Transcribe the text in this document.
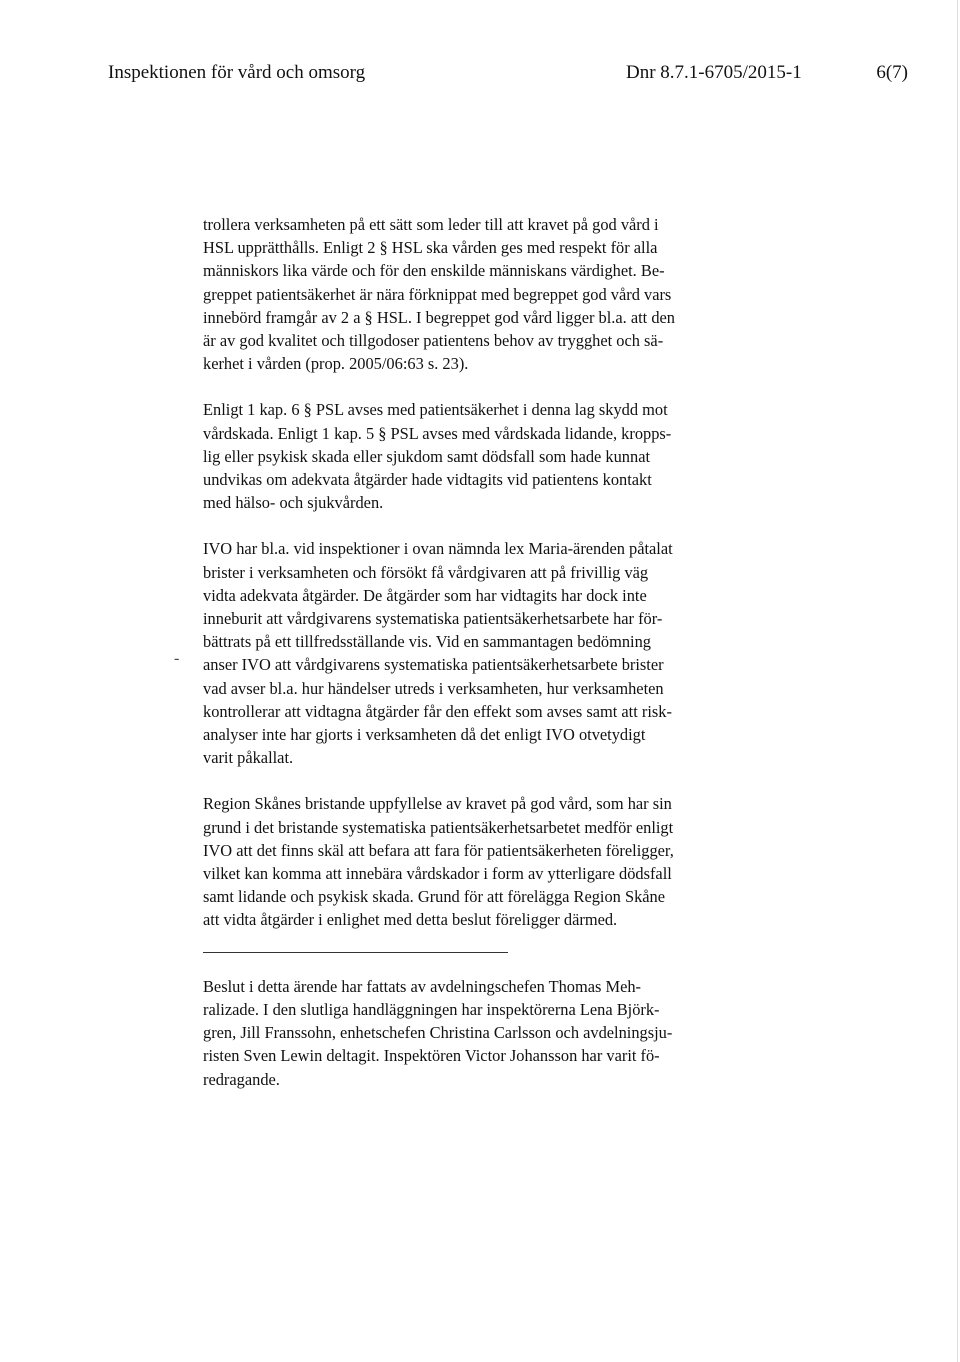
Inspektionen för vård och omsorg	Dnr 8.7.1-6705/2015-1	6(7)
-

trollera verksamheten på ett sätt som leder till att kravet på god vård i

HSL upprätthålls. Enligt 2 § HSL ska vården ges med respekt för alla

människors lika värde och för den enskilde människans värdighet. Be-

greppet patientsäkerhet är nära förknippat med begreppet god vård vars

innebörd framgår av 2 a § HSL. I begreppet god vård ligger bl.a. att den

är av god kvalitet och tillgodoser patientens behov av trygghet och sä-

kerhet i vården (prop. 2005/06:63 s. 23).

Enligt 1 kap. 6 § PSL avses med patientsäkerhet i denna lag skydd mot

vårdskada. Enligt 1 kap. 5 § PSL avses med vårdskada lidande, kropps-

lig eller psykisk skada eller sjukdom samt dödsfall som hade kunnat

undvikas om adekvata åtgärder hade vidtagits vid patientens kontakt

med hälso- och sjukvården.

IVO har bl.a. vid inspektioner i ovan nämnda lex Maria-ärenden påtalat

brister i verksamheten och försökt få vårdgivaren att på frivillig väg

vidta adekvata åtgärder. De åtgärder som har vidtagits har dock inte

inneburit att vårdgivarens systematiska patientsäkerhetsarbete har för-

bättrats på ett tillfredsställande vis. Vid en sammantagen bedömning

anser IVO att vårdgivarens systematiska patientsäkerhetsarbete brister

vad avser bl.a. hur händelser utreds i verksamheten, hur verksamheten

kontrollerar att vidtagna åtgärder får den effekt som avses samt att risk-

analyser inte har gjorts i verksamheten då det enligt IVO otvetydigt

varit påkallat.

Region Skånes bristande uppfyllelse av kravet på god vård, som har sin

grund i det bristande systematiska patientsäkerhetsarbetet medför enligt

IVO att det finns skäl att befara att fara för patientsäkerheten föreligger,

vilket kan komma att innebära vårdskador i form av ytterligare dödsfall

samt lidande och psykisk skada. Grund för att förelägga Region Skåne

att vidta åtgärder i enlighet med detta beslut föreligger därmed.

Beslut i detta ärende har fattats av avdelningschefen Thomas Meh-

ralizade. I den slutliga handläggningen har inspektörerna Lena Björk-

gren, Jill Franssohn, enhetschefen Christina Carlsson och avdelningsju-

risten Sven Lewin deltagit. Inspektören Victor Johansson har varit fö-

redragande.
